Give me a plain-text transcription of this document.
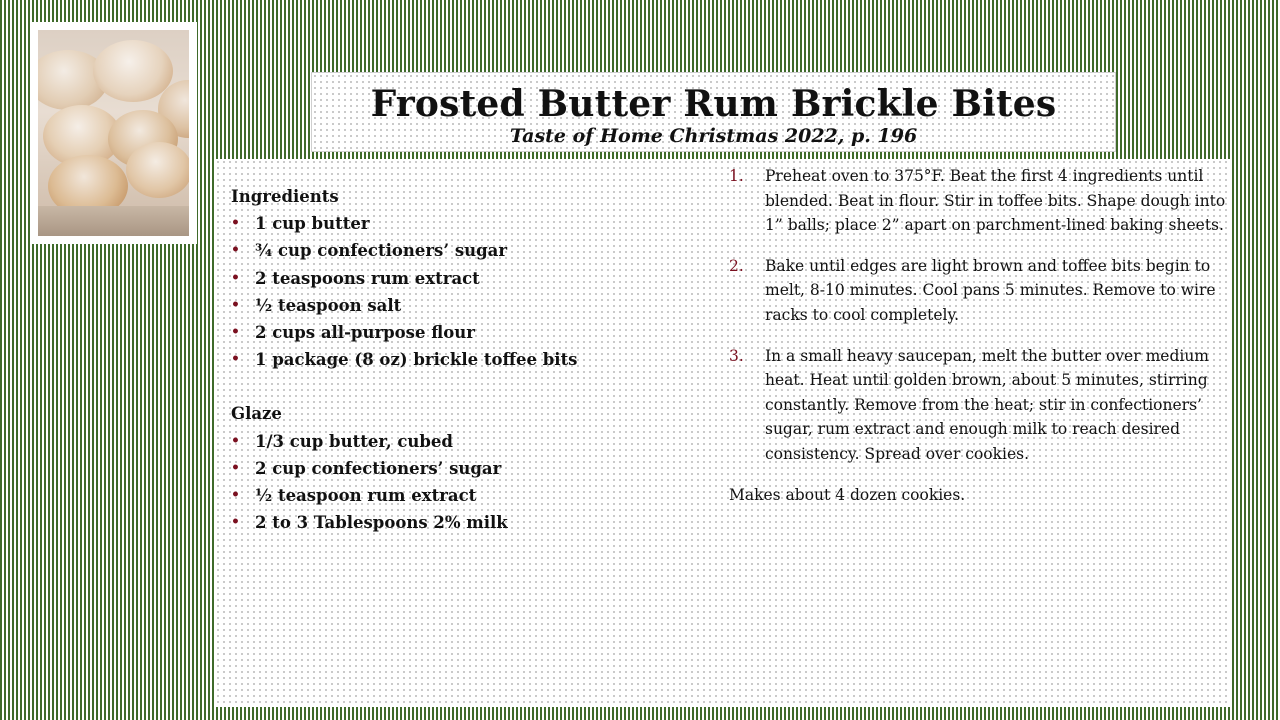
Frosted Butter Rum Brickle Bites
Taste of Home Christmas 2022, p. 196
Ingredients
• 1 cup butter
• ¾ cup confectioners’ sugar
• 2 teaspoons rum extract
• ½ teaspoon salt
• 2 cups all-purpose flour
• 1 package (8 oz) brickle toffee bits
Glaze
• 1/3 cup butter, cubed
• 2 cup confectioners’ sugar
• ½ teaspoon rum extract
• 2 to 3 Tablespoons 2% milk
1. Preheat oven to 375°F. Beat the first 4 ingredients until blended. Beat in flour. Stir in toffee bits. Shape dough into 1” balls; place 2” apart on parchment-lined baking sheets.
2. Bake until edges are light brown and toffee bits begin to melt, 8-10 minutes. Cool pans 5 minutes. Remove to wire racks to cool completely.
3. In a small heavy saucepan, melt the butter over medium heat. Heat until golden brown, about 5 minutes, stirring constantly. Remove from the heat; stir in confectioners’ sugar, rum extract and enough milk to reach desired consistency. Spread over cookies.

Makes about 4 dozen cookies.
